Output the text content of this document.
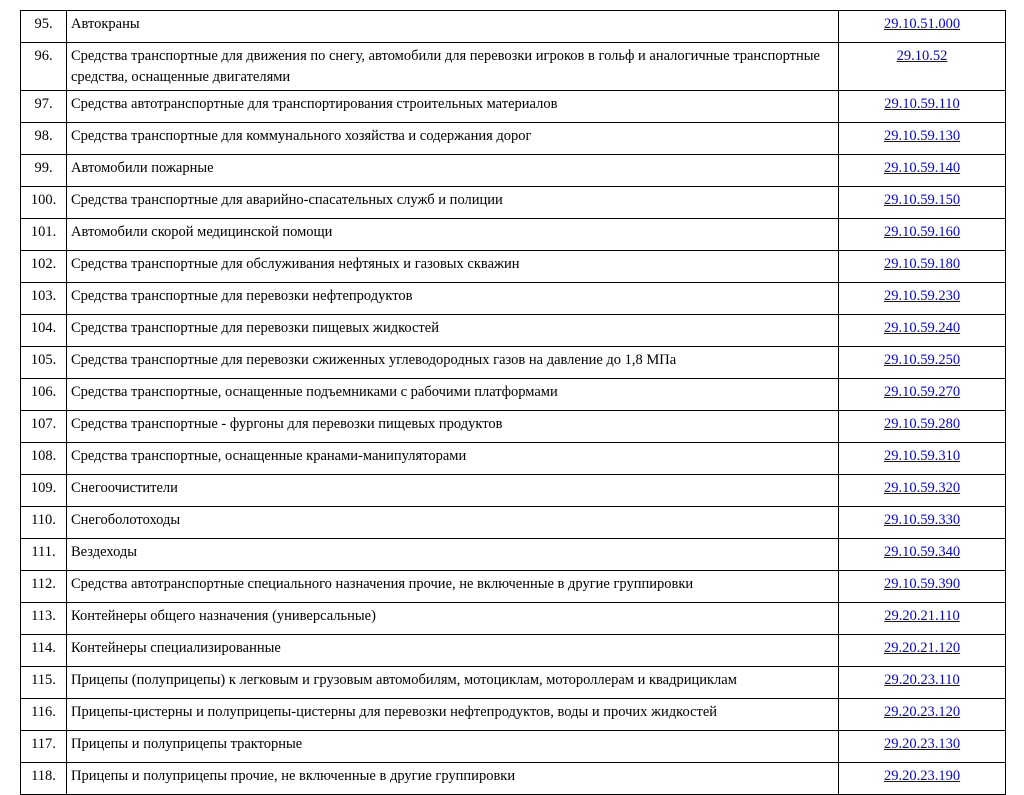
95.	Автокраны	29.10.51.000
96.	Средства транспортные для движения по снегу, автомобили для перевозки игроков в гольф и аналогичные транспортные средства, оснащенные двигателями	29.10.52
97.	Средства автотранспортные для транспортирования строительных материалов	29.10.59.110
98.	Средства транспортные для коммунального хозяйства и содержания дорог	29.10.59.130
99.	Автомобили пожарные	29.10.59.140
100.	Средства транспортные для аварийно-спасательных служб и полиции	29.10.59.150
101.	Автомобили скорой медицинской помощи	29.10.59.160
102.	Средства транспортные для обслуживания нефтяных и газовых скважин	29.10.59.180
103.	Средства транспортные для перевозки нефтепродуктов	29.10.59.230
104.	Средства транспортные для перевозки пищевых жидкостей	29.10.59.240
105.	Средства транспортные для перевозки сжиженных углеводородных газов на давление до 1,8 МПа	29.10.59.250
106.	Средства транспортные, оснащенные подъемниками с рабочими платформами	29.10.59.270
107.	Средства транспортные - фургоны для перевозки пищевых продуктов	29.10.59.280
108.	Средства транспортные, оснащенные кранами-манипуляторами	29.10.59.310
109.	Снегоочистители	29.10.59.320
110.	Снегоболотоходы	29.10.59.330
111.	Вездеходы	29.10.59.340
112.	Средства автотранспортные специального назначения прочие, не включенные в другие группировки	29.10.59.390
113.	Контейнеры общего назначения (универсальные)	29.20.21.110
114.	Контейнеры специализированные	29.20.21.120
115.	Прицепы (полуприцепы) к легковым и грузовым автомобилям, мотоциклам, мотороллерам и квадрициклам	29.20.23.110
116.	Прицепы-цистерны и полуприцепы-цистерны для перевозки нефтепродуктов, воды и прочих жидкостей	29.20.23.120
117.	Прицепы и полуприцепы тракторные	29.20.23.130
118.	Прицепы и полуприцепы прочие, не включенные в другие группировки	29.20.23.190
